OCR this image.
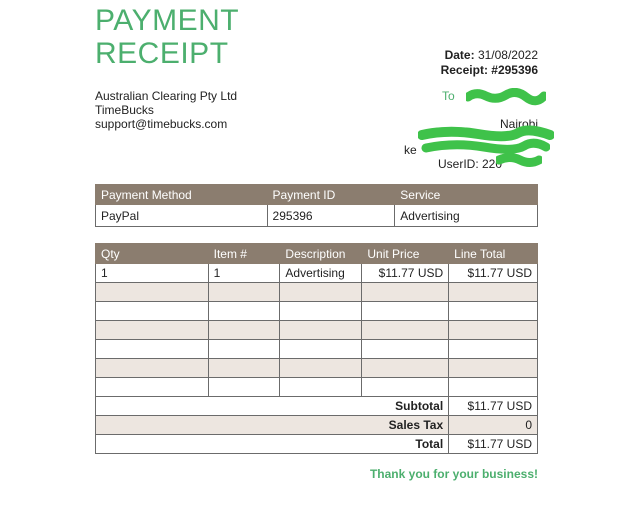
PAYMENT
RECEIPT
Australian Clearing Pty Ltd
TimeBucks
support@timebucks.com
Date: 31/08/2022
Receipt: #295396
To
Nairobi
ke
UserID: 220
Payment Method	Payment ID	Service
PayPal	295396	Advertising
Qty	Item #	Description	Unit Price	Line Total
1	1	Advertising	$11.77 USD	$11.77 USD

Subtotal				$11.77 USD
Sales Tax				0
Total				$11.77 USD
Thank you for your business!
